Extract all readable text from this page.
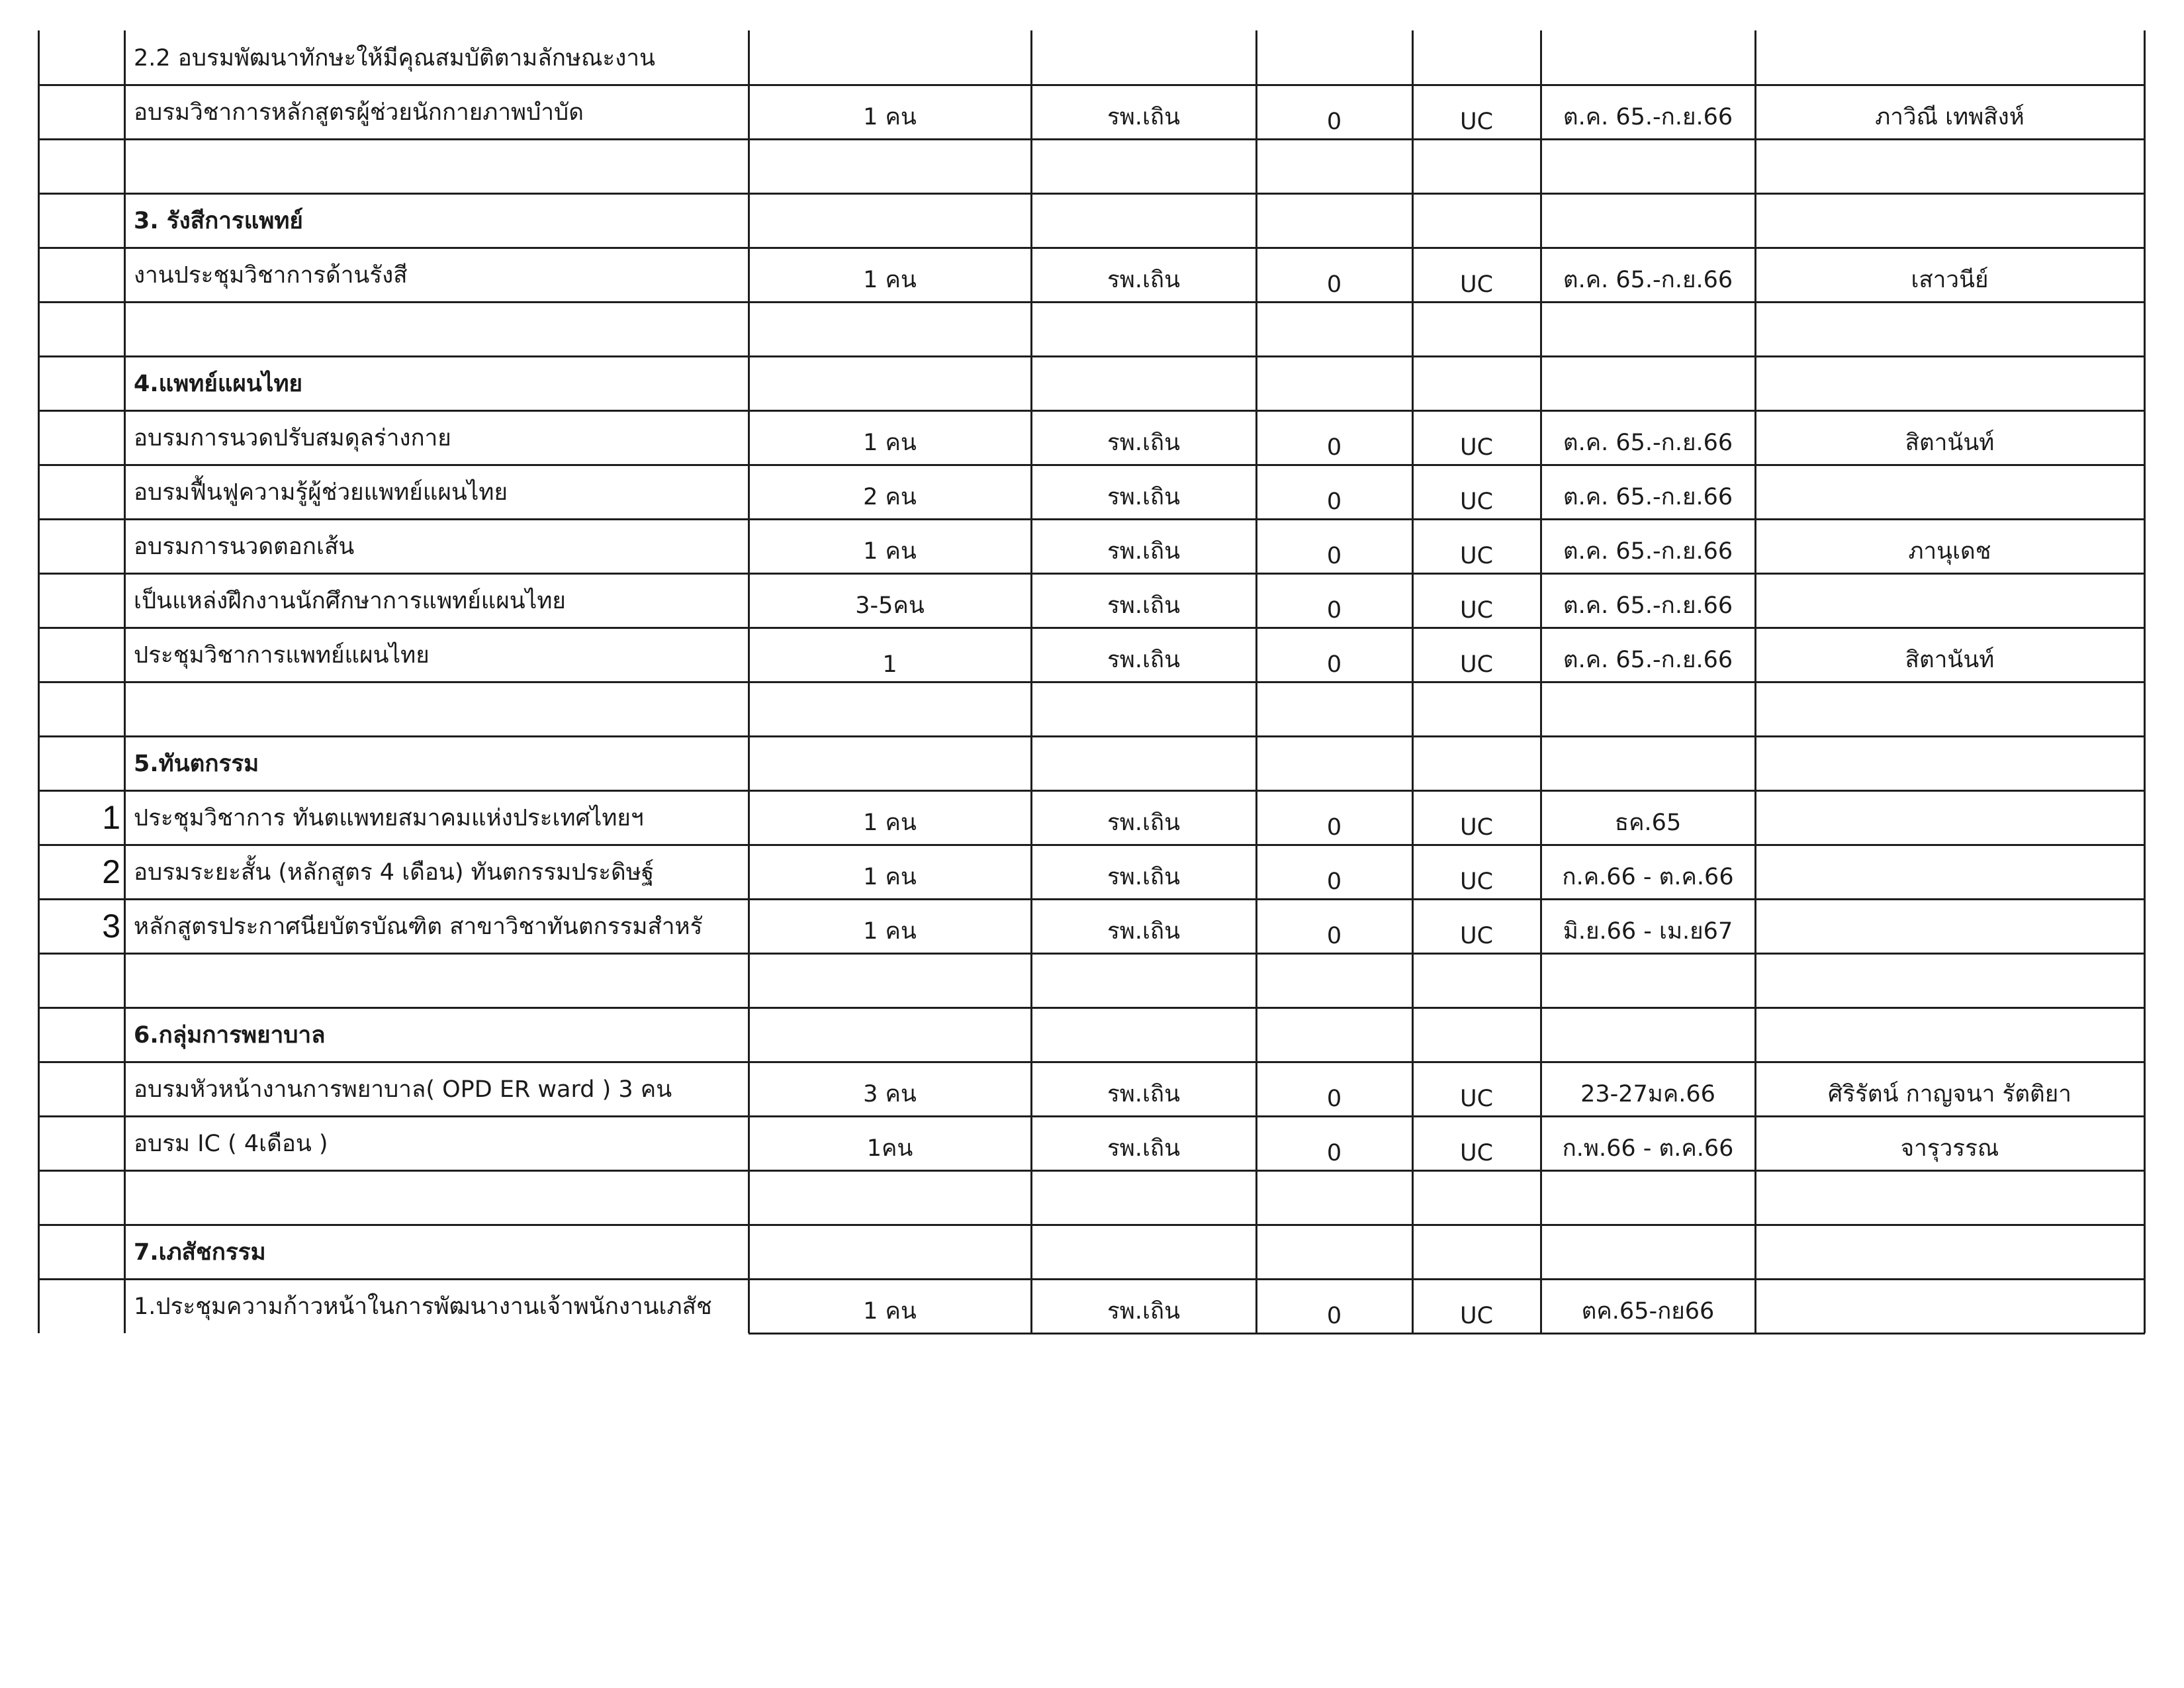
2.2 อบรมพัฒนาทักษะให้มีคุณสมบัติตามลักษณะงาน
อบรมวิชาการหลักสูตรผู้ช่วยนักกายภาพบำบัด	1 คน	รพ.เถิน	0	UC	ต.ค. 65.-ก.ย.66	ภาวิณี เทพสิงห์
3. รังสีการแพทย์
งานประชุมวิชาการด้านรังสี	1 คน	รพ.เถิน	0	UC	ต.ค. 65.-ก.ย.66	เสาวนีย์
4.แพทย์แผนไทย
อบรมการนวดปรับสมดุลร่างกาย	1 คน	รพ.เถิน	0	UC	ต.ค. 65.-ก.ย.66	สิตานันท์
อบรมฟื้นฟูความรู้ผู้ช่วยแพทย์แผนไทย	2 คน	รพ.เถิน	0	UC	ต.ค. 65.-ก.ย.66
อบรมการนวดตอกเส้น	1 คน	รพ.เถิน	0	UC	ต.ค. 65.-ก.ย.66	ภานุเดช
เป็นแหล่งฝึกงานนักศึกษาการแพทย์แผนไทย	3-5คน	รพ.เถิน	0	UC	ต.ค. 65.-ก.ย.66
ประชุมวิชาการแพทย์แผนไทย	1	รพ.เถิน	0	UC	ต.ค. 65.-ก.ย.66	สิตานันท์
5.ทันตกรรม
1 ประชุมวิชาการ ทันตแพทยสมาคมแห่งประเทศไทยฯ	1 คน	รพ.เถิน	0	UC	ธค.65
2 อบรมระยะสั้น (หลักสูตร 4 เดือน) ทันตกรรมประดิษฐ์	1 คน	รพ.เถิน	0	UC	ก.ค.66 - ต.ค.66
3 หลักสูตรประกาศนียบัตรบัณฑิต สาขาวิชาทันตกรรมสำหรั	1 คน	รพ.เถิน	0	UC	มิ.ย.66 - เม.ย67
6.กลุ่มการพยาบาล
อบรมหัวหน้างานการพยาบาล( OPD ER ward ) 3 คน	3 คน	รพ.เถิน	0	UC	23-27มค.66	ศิริรัตน์ กาญจนา รัตติยา
อบรม IC ( 4เดือน )	1คน	รพ.เถิน	0	UC	ก.พ.66 - ต.ค.66	จารุวรรณ
7.เภสัชกรรม
1.ประชุมความก้าวหน้าในการพัฒนางานเจ้าพนักงานเภสัช	1 คน	รพ.เถิน	0	UC	ตค.65-กย66
